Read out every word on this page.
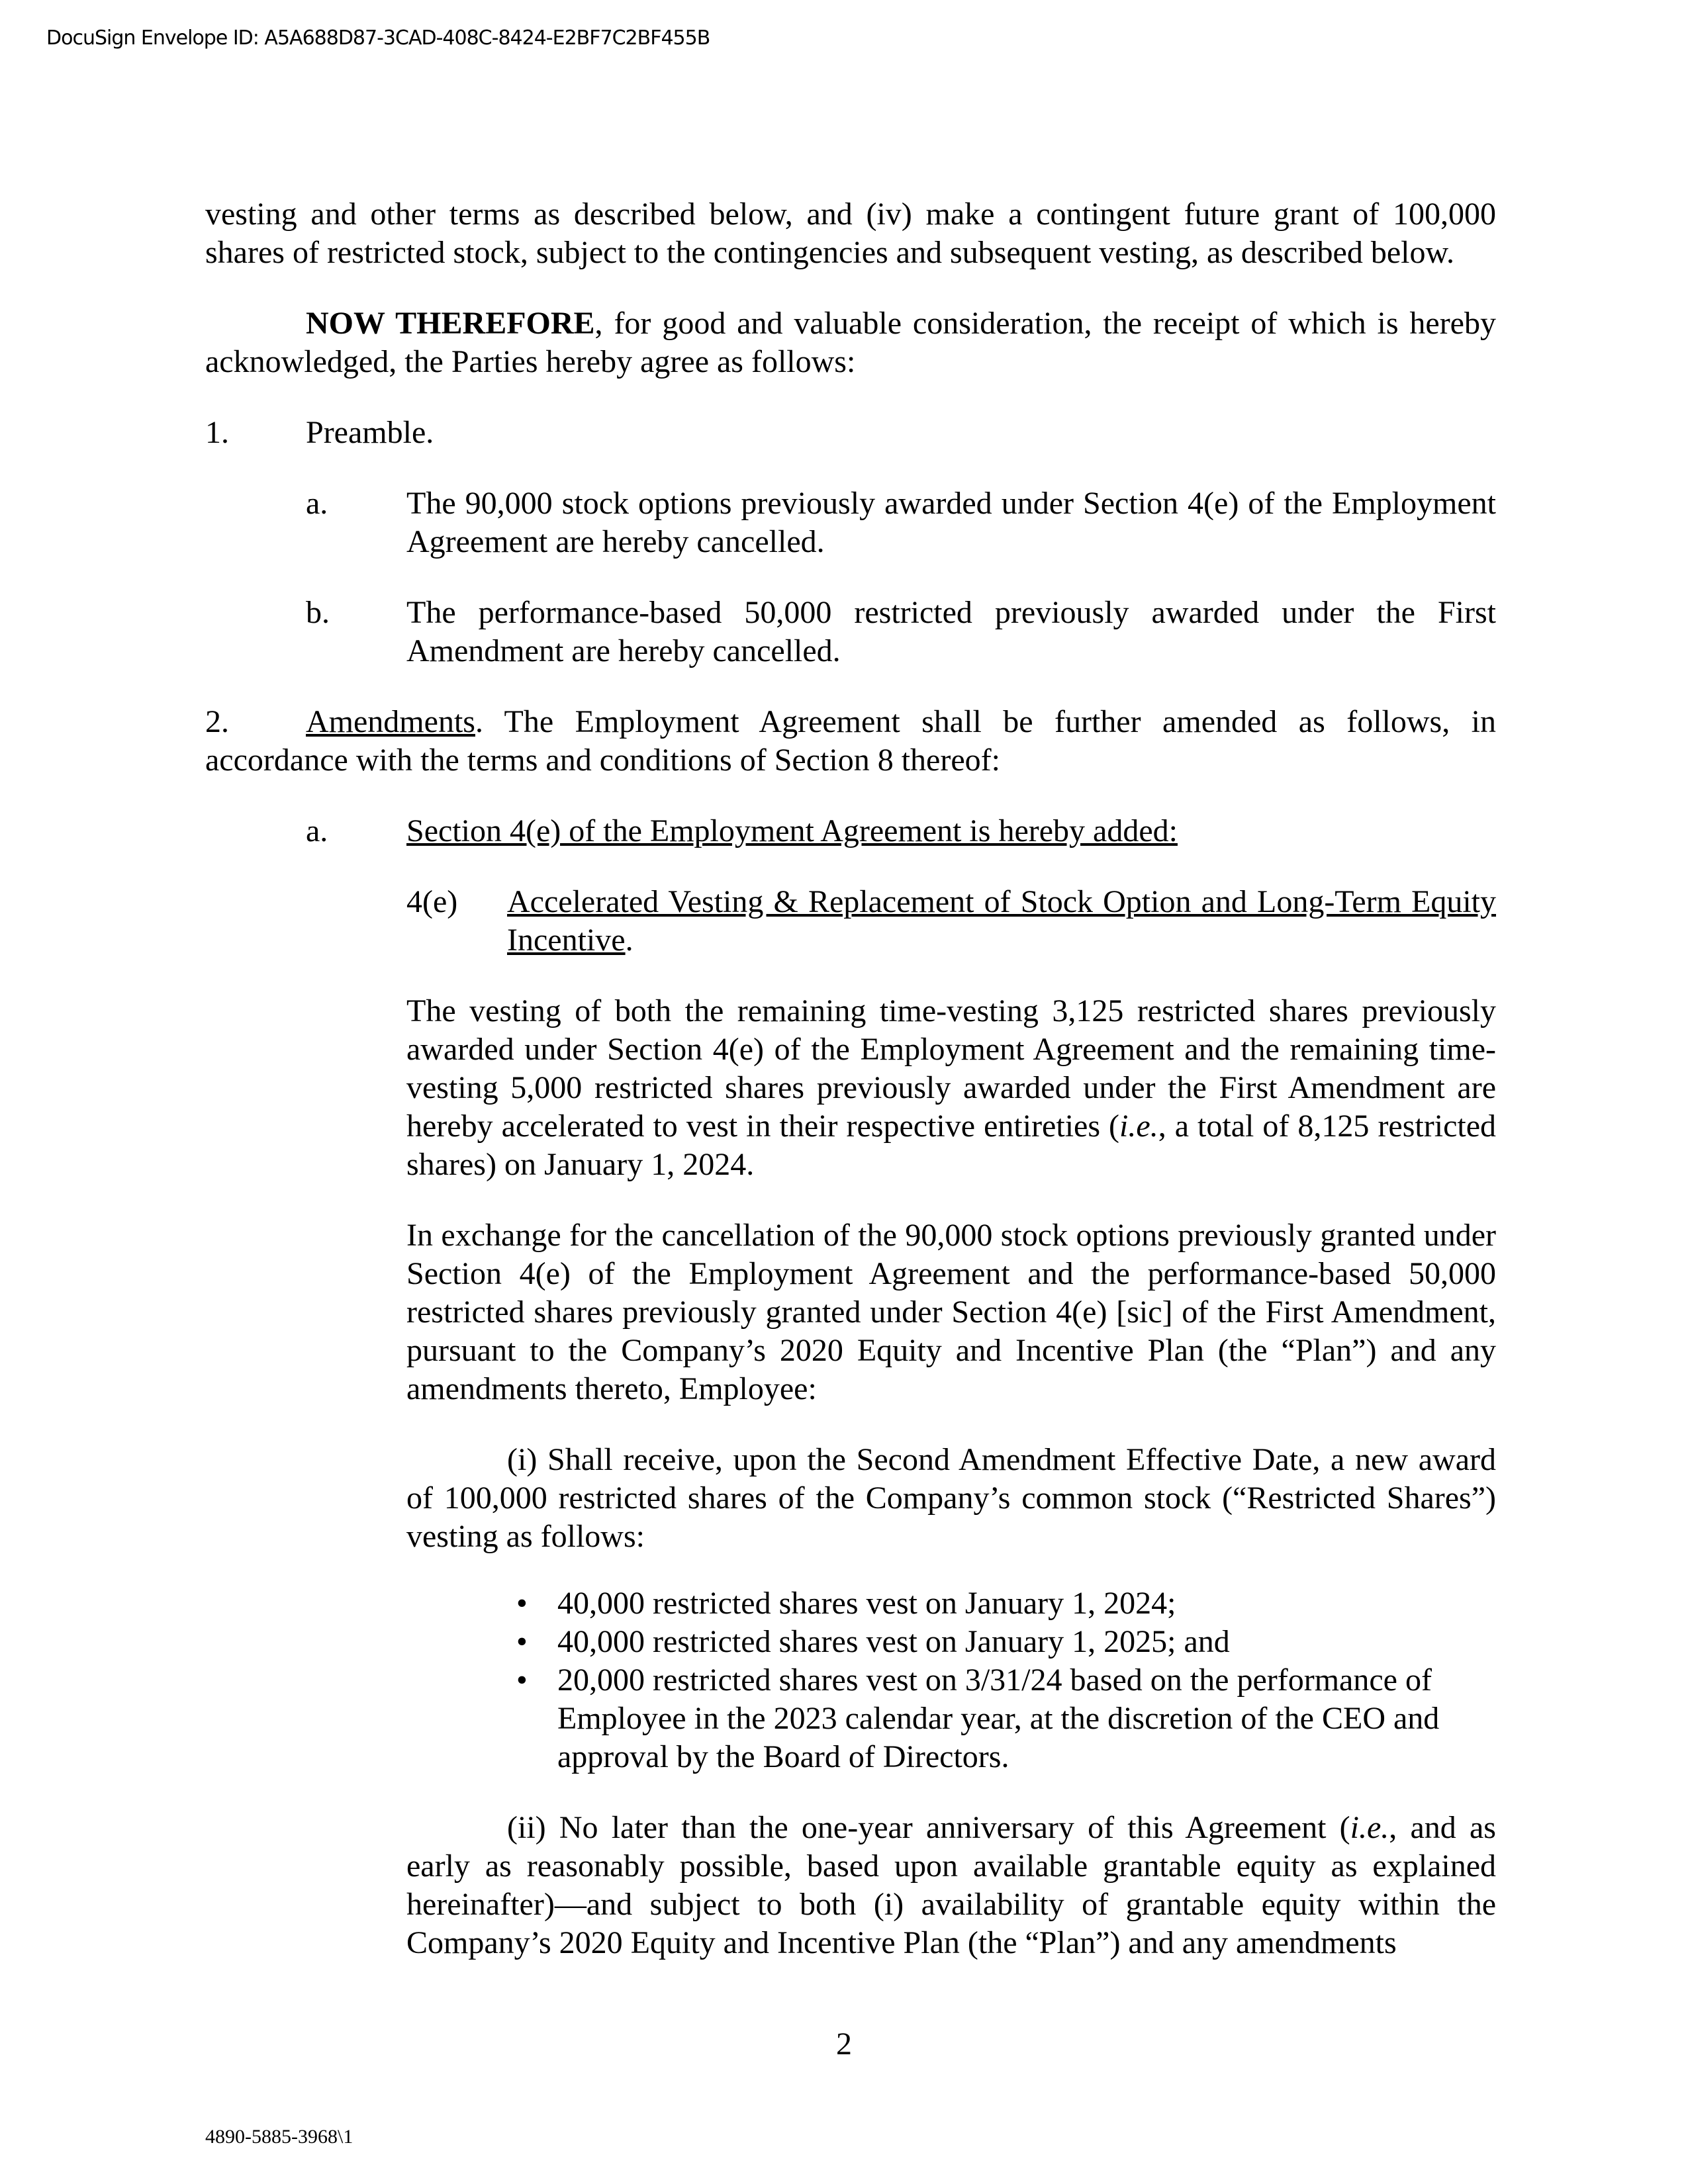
DocuSign Envelope ID: A5A688D87-3CAD-408C-8424-E2BF7C2BF455B

vesting and other terms as described below, and (iv) make a contingent future grant of 100,000 shares of restricted stock, subject to the contingencies and subsequent vesting, as described below.

NOW THEREFORE, for good and valuable consideration, the receipt of which is hereby acknowledged, the Parties hereby agree as follows:

1.	Preamble.
a.	The 90,000 stock options previously awarded under Section 4(e) of the Employment Agreement are hereby cancelled.

b.	The performance-based 50,000 restricted previously awarded under the First Amendment are hereby cancelled.

2. Amendments. The Employment Agreement shall be further amended as follows, in accordance with the terms and conditions of Section 8 thereof:

a.	Section 4(e) of the Employment Agreement is hereby added:

4(e)	Accelerated Vesting & Replacement of Stock Option and Long-Term Equity Incentive.

The vesting of both the remaining time-vesting 3,125 restricted shares previously awarded under Section 4(e) of the Employment Agreement and the remaining time-vesting 5,000 restricted shares previously awarded under the First Amendment are hereby accelerated to vest in their respective entireties (i.e., a total of 8,125 restricted shares) on January 1, 2024.

In exchange for the cancellation of the 90,000 stock options previously granted under Section 4(e) of the Employment Agreement and the performance-based 50,000 restricted shares previously granted under Section 4(e) [sic] of the First Amendment, pursuant to the Company’s 2020 Equity and Incentive Plan (the “Plan”) and any amendments thereto, Employee:

(i) Shall receive, upon the Second Amendment Effective Date, a new award of 100,000 restricted shares of the Company’s common stock (“Restricted Shares”) vesting as follows:

• 40,000 restricted shares vest on January 1, 2024;
• 40,000 restricted shares vest on January 1, 2025; and
• 20,000 restricted shares vest on 3/31/24 based on the performance of Employee in the 2023 calendar year, at the discretion of the CEO and approval by the Board of Directors.

(ii) No later than the one-year anniversary of this Agreement (i.e., and as early as reasonably possible, based upon available grantable equity as explained hereinafter)—and subject to both (i) availability of grantable equity within the Company’s 2020 Equity and Incentive Plan (the “Plan”) and any amendments

2
4890-5885-3968\1
